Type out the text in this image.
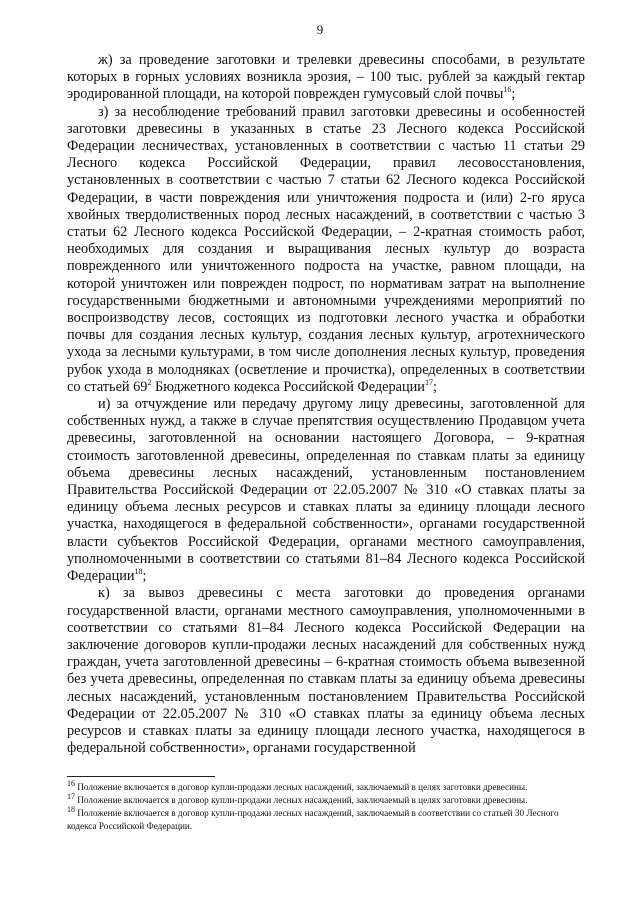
9

ж) за проведение заготовки и трелевки древесины способами, в результате которых в горных условиях возникла эрозия, – 100 тыс. рублей за каждый гектар эродированной площади, на которой поврежден гумусовый слой почвы$^{16}$;

з) за несоблюдение требований правил заготовки древесины и особенностей заготовки древесины в указанных в статье 23 Лесного кодекса Российской Федерации лесничествах, установленных в соответствии с частью 11 статьи 29 Лесного кодекса Российской Федерации, правил лесовосстановления, установленных в соответствии с частью 7 статьи 62 Лесного кодекса Российской Федерации, в части повреждения или уничтожения подроста и (или) 2-го яруса хвойных твердолиственных пород лесных насаждений, в соответствии с частью 3 статьи 62 Лесного кодекса Российской Федерации, – 2-кратная стоимость работ, необходимых для создания и выращивания лесных культур до возраста поврежденного или уничтоженного подроста на участке, равном площади, на которой уничтожен или поврежден подрост, по нормативам затрат на выполнение государственными бюджетными и автономными учреждениями мероприятий по воспроизводству лесов, состоящих из подготовки лесного участка и обработки почвы для создания лесных культур, создания лесных культур, агротехнического ухода за лесными культурами, в том числе дополнения лесных культур, проведения рубок ухода в молодняках (осветление и прочистка), определенных в соответствии со статьей $69^2$ Бюджетного кодекса Российской Федерации$^{17}$;

и) за отчуждение или передачу другому лицу древесины, заготовленной для собственных нужд, а также в случае препятствия осуществлению Продавцом учета древесины, заготовленной на основании настоящего Договора, – 9-кратная стоимость заготовленной древесины, определенная по ставкам платы за единицу объема древесины лесных насаждений, установленным постановлением Правительства Российской Федерации от 22.05.2007 № 310 «О ставках платы за единицу объема лесных ресурсов и ставках платы за единицу площади лесного участка, находящегося в федеральной собственности», органами государственной власти субъектов Российской Федерации, органами местного самоуправления, уполномоченными в соответствии со статьями 81–84 Лесного кодекса Российской Федерации$^{18}$;

к) за вывоз древесины с места заготовки до проведения органами государственной власти, органами местного самоуправления, уполномоченными в соответствии со статьями 81–84 Лесного кодекса Российской Федерации на заключение договоров купли-продажи лесных насаждений для собственных нужд граждан, учета заготовленной древесины – 6-кратная стоимость объема вывезенной без учета древесины, определенная по ставкам платы за единицу объема древесины лесных насаждений, установленным постановлением Правительства Российской Федерации от 22.05.2007 № 310 «О ставках платы за единицу объема лесных ресурсов и ставках платы за единицу площади лесного участка, находящегося в федеральной собственности», органами государственной

$^{16}$ Положение включается в договор купли-продажи лесных насаждений, заключаемый в целях заготовки древесины.

$^{17}$ Положение включается в договор купли-продажи лесных насаждений, заключаемый в целях заготовки древесины.

$^{18}$ Положение включается в договор купли-продажи лесных насаждений, заключаемый в соответствии со статьей 30 Лесного кодекса Российской Федерации.
